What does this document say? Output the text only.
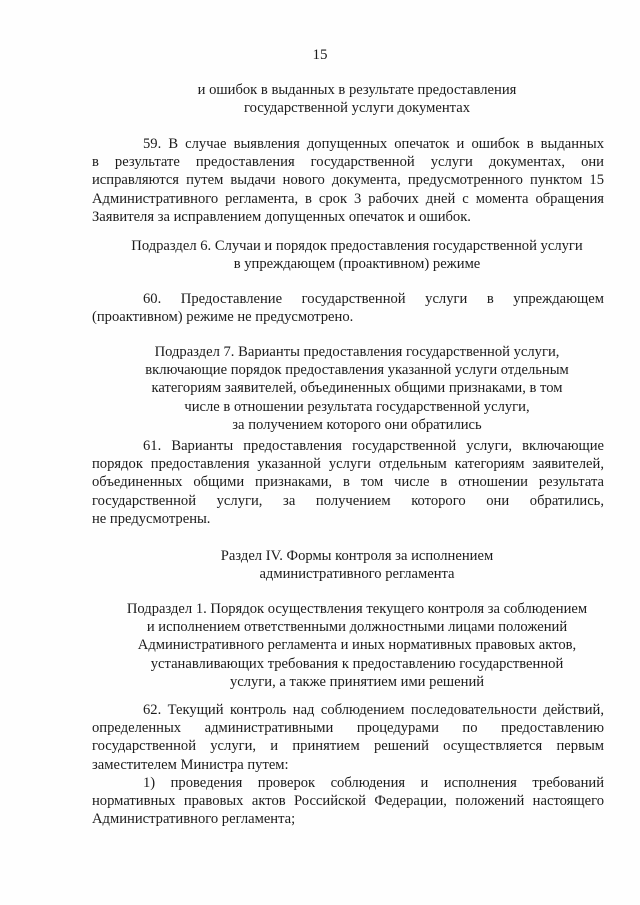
15
и ошибок в выданных в результате предоставления
государственной услуги документах
59. В случае выявления допущенных опечаток и ошибок в выданных
в результате предоставления государственной услуги документах, они
исправляются путем выдачи нового документа, предусмотренного пунктом 15
Административного регламента, в срок 3 рабочих дней с момента обращения
Заявителя за исправлением допущенных опечаток и ошибок.
Подраздел 6. Случаи и порядок предоставления государственной услуги
в упреждающем (проактивном) режиме
60. Предоставление государственной услуги в упреждающем
(проактивном) режиме не предусмотрено.
Подраздел 7. Варианты предоставления государственной услуги,
включающие порядок предоставления указанной услуги отдельным
категориям заявителей, объединенных общими признаками, в том
числе в отношении результата государственной услуги,
за получением которого они обратились
61. Варианты предоставления государственной услуги, включающие
порядок предоставления указанной услуги отдельным категориям заявителей,
объединенных общими признаками, в том числе в отношении результата
государственной услуги, за получением которого они обратились,
не предусмотрены.
Раздел IV. Формы контроля за исполнением
административного регламента
Подраздел 1. Порядок осуществления текущего контроля за соблюдением
и исполнением ответственными должностными лицами положений
Административного регламента и иных нормативных правовых актов,
устанавливающих требования к предоставлению государственной
услуги, а также принятием ими решений
62. Текущий контроль над соблюдением последовательности действий,
определенных административными процедурами по предоставлению
государственной услуги, и принятием решений осуществляется первым
заместителем Министра путем:
1) проведения проверок соблюдения и исполнения требований
нормативных правовых актов Российской Федерации, положений настоящего
Административного регламента;
